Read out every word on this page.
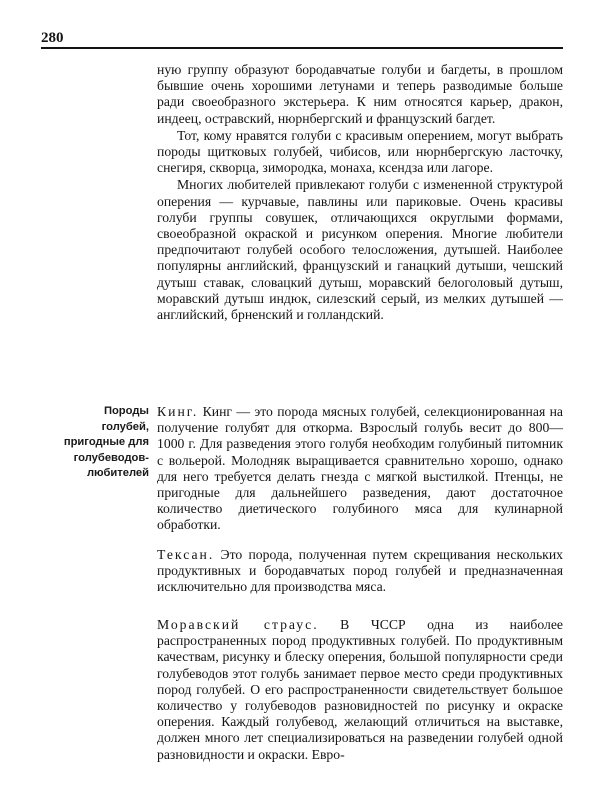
280

ную группу образуют бородавчатые голуби и багдеты, в прошлом бывшие очень хорошими летунами и теперь разводимые больше ради своеобразного экстерьера. К ним относятся карьер, дракон, индеец, остравский, нюрнбергский и французский багдет.

Тот, кому нравятся голуби с красивым оперением, могут выбрать породы щитковых голубей, чибисов, или нюрнбергскую ласточку, снегиря, скворца, зимородка, монаха, ксендза или лагоре.

Многих любителей привлекают голуби с измененной структурой оперения — курчавые, павлины или париковые. Очень красивы голуби группы совушек, отличающихся округлыми формами, своеобразной окраской и рисунком оперения. Многие любители предпочитают голубей особого телосложения, дутышей. Наиболее популярны английский, французский и ганацкий дутыши, чешский дутыш ставак, словацкий дутыш, моравский белоголовый дутыш, моравский дутыш индюк, силезский серый, из мелких дутышей — английский, брненский и голландский.

Породы
голубей,
пригодные для
голубеводов-
любителей

Кинг. Кинг — это порода мясных голубей, селекционированная на получение голубят для откорма. Взрослый голубь весит до 800—1000 г. Для разведения этого голубя необходим голубиный питомник с вольерой. Молодняк выращивается сравнительно хорошо, однако для него требуется делать гнезда с мягкой выстилкой. Птенцы, не пригодные для дальнейшего разведения, дают достаточное количество диетического голубиного мяса для кулинарной обработки.

Тексан. Это порода, полученная путем скрещивания нескольких продуктивных и бородавчатых пород голубей и предназначенная исключительно для производства мяса.

Моравский страус. В ЧССР одна из наиболее распространенных пород продуктивных голубей. По продуктивным качествам, рисунку и блеску оперения, большой популярности среди голубеводов этот голубь занимает первое место среди продуктивных пород голубей. О его распространенности свидетельствует большое количество у голубеводов разновидностей по рисунку и окраске оперения. Каждый голубевод, желающий отличиться на выставке, должен много лет специализироваться на разведении голубей одной разновидности и окраски. Евро-
